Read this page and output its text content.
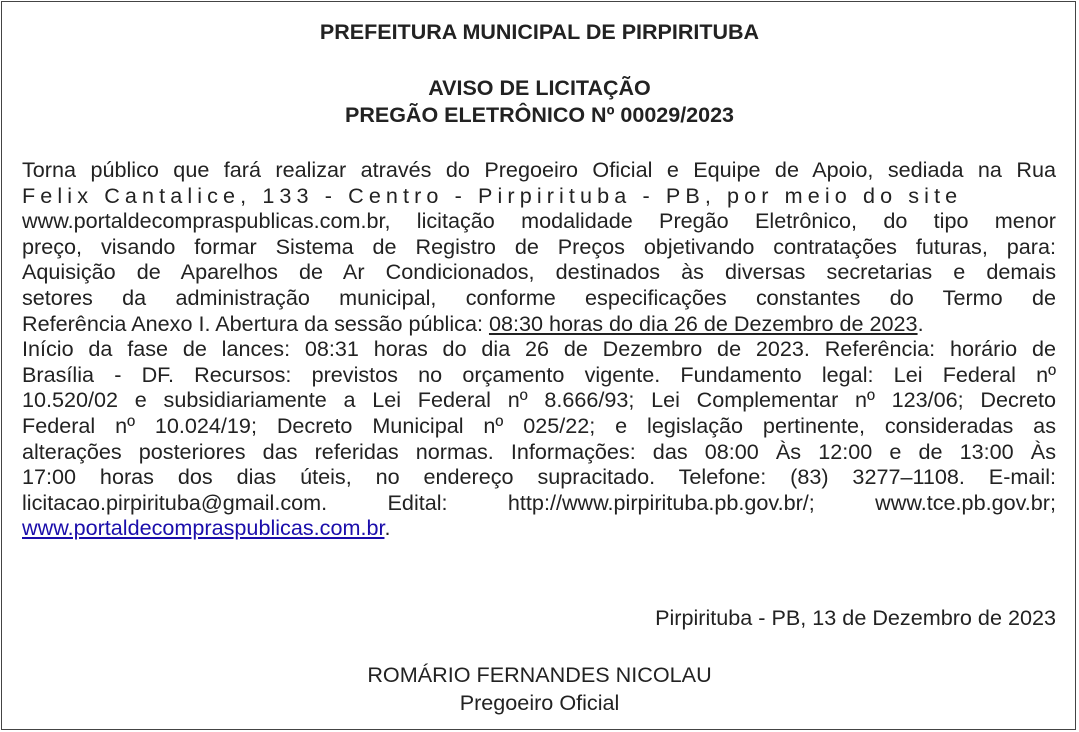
PREFEITURA MUNICIPAL DE PIRPIRITUBA
AVISO DE LICITAÇÃO
PREGÃO ELETRÔNICO Nº 00029/2023
Torna público que fará realizar através do Pregoeiro Oficial e Equipe de Apoio, sediada na Rua
Felix Cantalice, 133 - Centro - Pirpirituba - PB, por meio do site
www.portaldecompraspublicas.com.br, licitação modalidade Pregão Eletrônico, do tipo menor
preço, visando formar Sistema de Registro de Preços objetivando contratações futuras, para:
Aquisição de Aparelhos de Ar Condicionados, destinados às diversas secretarias e demais
setores da administração municipal, conforme especificações constantes do Termo de
Referência Anexo I. Abertura da sessão pública: 08:30 horas do dia 26 de Dezembro de 2023.
Início da fase de lances: 08:31 horas do dia 26 de Dezembro de 2023. Referência: horário de
Brasília - DF. Recursos: previstos no orçamento vigente. Fundamento legal: Lei Federal nº
10.520/02 e subsidiariamente a Lei Federal nº 8.666/93; Lei Complementar nº 123/06; Decreto
Federal nº 10.024/19; Decreto Municipal nº 025/22; e legislação pertinente, consideradas as
alterações posteriores das referidas normas. Informações: das 08:00 Às 12:00 e de 13:00 Às
17:00 horas dos dias úteis, no endereço supracitado. Telefone: (83) 3277–1108. E-mail:
licitacao.pirpirituba@gmail.com. Edital: http://www.pirpirituba.pb.gov.br/; www.tce.pb.gov.br;
www.portaldecompraspublicas.com.br.
Pirpirituba - PB, 13 de Dezembro de 2023
ROMÁRIO FERNANDES NICOLAU
Pregoeiro Oficial
